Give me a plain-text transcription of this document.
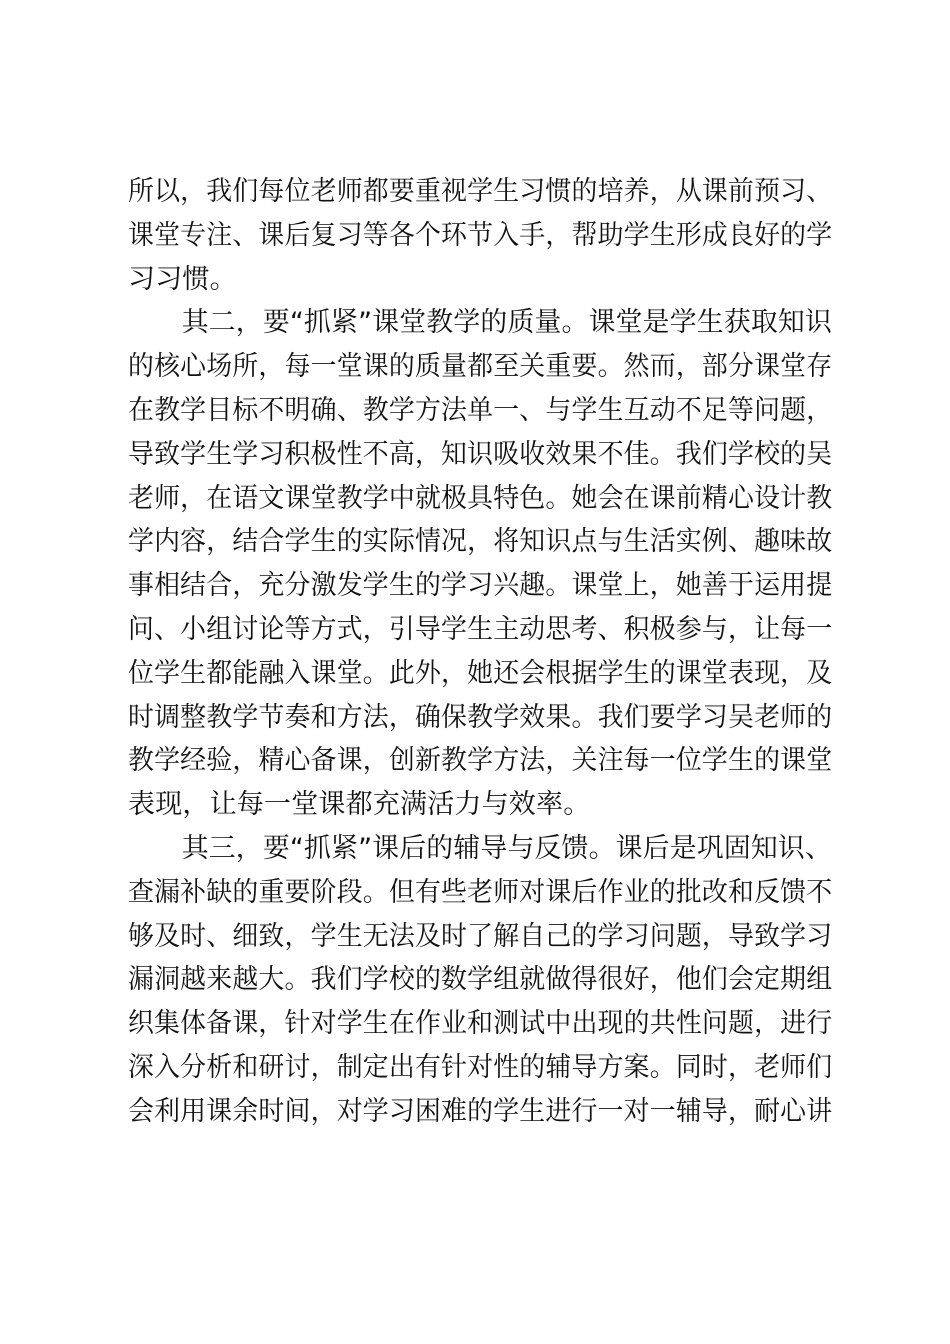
所以，我们每位老师都要重视学生习惯的培养，从课前预习、
课堂专注、课后复习等各个环节入手，帮助学生形成良好的学
习习惯。
其二，要“抓紧”课堂教学的质量。课堂是学生获取知识
的核心场所，每一堂课的质量都至关重要。然而，部分课堂存
在教学目标不明确、教学方法单一、与学生互动不足等问题，
导致学生学习积极性不高，知识吸收效果不佳。我们学校的吴
老师，在语文课堂教学中就极具特色。她会在课前精心设计教
学内容，结合学生的实际情况，将知识点与生活实例、趣味故
事相结合，充分激发学生的学习兴趣。课堂上，她善于运用提
问、小组讨论等方式，引导学生主动思考、积极参与，让每一
位学生都能融入课堂。此外，她还会根据学生的课堂表现，及
时调整教学节奏和方法，确保教学效果。我们要学习吴老师的
教学经验，精心备课，创新教学方法，关注每一位学生的课堂
表现，让每一堂课都充满活力与效率。
其三，要“抓紧”课后的辅导与反馈。课后是巩固知识、
查漏补缺的重要阶段。但有些老师对课后作业的批改和反馈不
够及时、细致，学生无法及时了解自己的学习问题，导致学习
漏洞越来越大。我们学校的数学组就做得很好，他们会定期组
织集体备课，针对学生在作业和测试中出现的共性问题，进行
深入分析和研讨，制定出有针对性的辅导方案。同时，老师们
会利用课余时间，对学习困难的学生进行一对一辅导，耐心讲
